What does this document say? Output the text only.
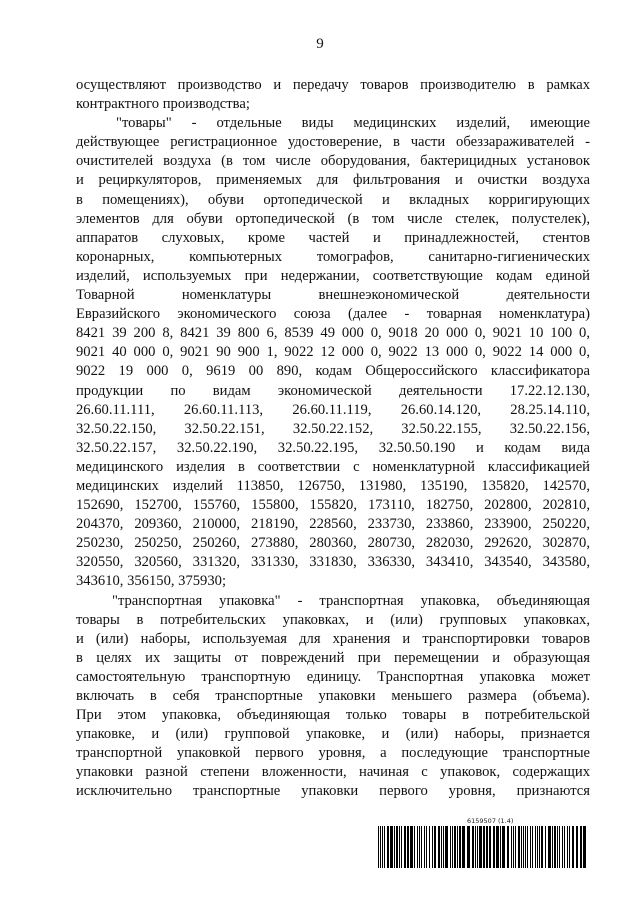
9
осуществляют производство и передачу товаров производителю в рамках
контрактного производства;
"товары" - отдельные виды медицинских изделий, имеющие
действующее регистрационное удостоверение, в части обеззараживателей -
очистителей воздуха (в том числе оборудования, бактерицидных установок
и рециркуляторов, применяемых для фильтрования и очистки воздуха
в помещениях), обуви ортопедической и вкладных корригирующих
элементов для обуви ортопедической (в том числе стелек, полустелек),
аппаратов слуховых, кроме частей и принадлежностей, стентов
коронарных, компьютерных томографов, санитарно-гигиенических
изделий, используемых при недержании, соответствующие кодам единой
Товарной номенклатуры внешнеэкономической деятельности
Евразийского экономического союза (далее - товарная номенклатура)
8421 39 200 8, 8421 39 800 6, 8539 49 000 0, 9018 20 000 0, 9021 10 100 0,
9021 40 000 0, 9021 90 900 1, 9022 12 000 0, 9022 13 000 0, 9022 14 000 0,
9022 19 000 0, 9619 00 890, кодам Общероссийского классификатора
продукции по видам экономической деятельности 17.22.12.130,
26.60.11.111, 26.60.11.113, 26.60.11.119, 26.60.14.120, 28.25.14.110,
32.50.22.150, 32.50.22.151, 32.50.22.152, 32.50.22.155, 32.50.22.156,
32.50.22.157, 32.50.22.190, 32.50.22.195, 32.50.50.190 и кодам вида
медицинского изделия в соответствии с номенклатурной классификацией
медицинских изделий 113850, 126750, 131980, 135190, 135820, 142570,
152690, 152700, 155760, 155800, 155820, 173110, 182750, 202800, 202810,
204370, 209360, 210000, 218190, 228560, 233730, 233860, 233900, 250220,
250230, 250250, 250260, 273880, 280360, 280730, 282030, 292620, 302870,
320550, 320560, 331320, 331330, 331830, 336330, 343410, 343540, 343580,
343610, 356150, 375930;
"транспортная упаковка" - транспортная упаковка, объединяющая
товары в потребительских упаковках, и (или) групповых упаковках,
и (или) наборы, используемая для хранения и транспортировки товаров
в целях их защиты от повреждений при перемещении и образующая
самостоятельную транспортную единицу. Транспортная упаковка может
включать в себя транспортные упаковки меньшего размера (объема).
При этом упаковка, объединяющая только товары в потребительской
упаковке, и (или) групповой упаковке, и (или) наборы, признается
транспортной упаковкой первого уровня, а последующие транспортные
упаковки разной степени вложенности, начиная с упаковок, содержащих
исключительно транспортные упаковки первого уровня, признаются
6159507 (1.4)
